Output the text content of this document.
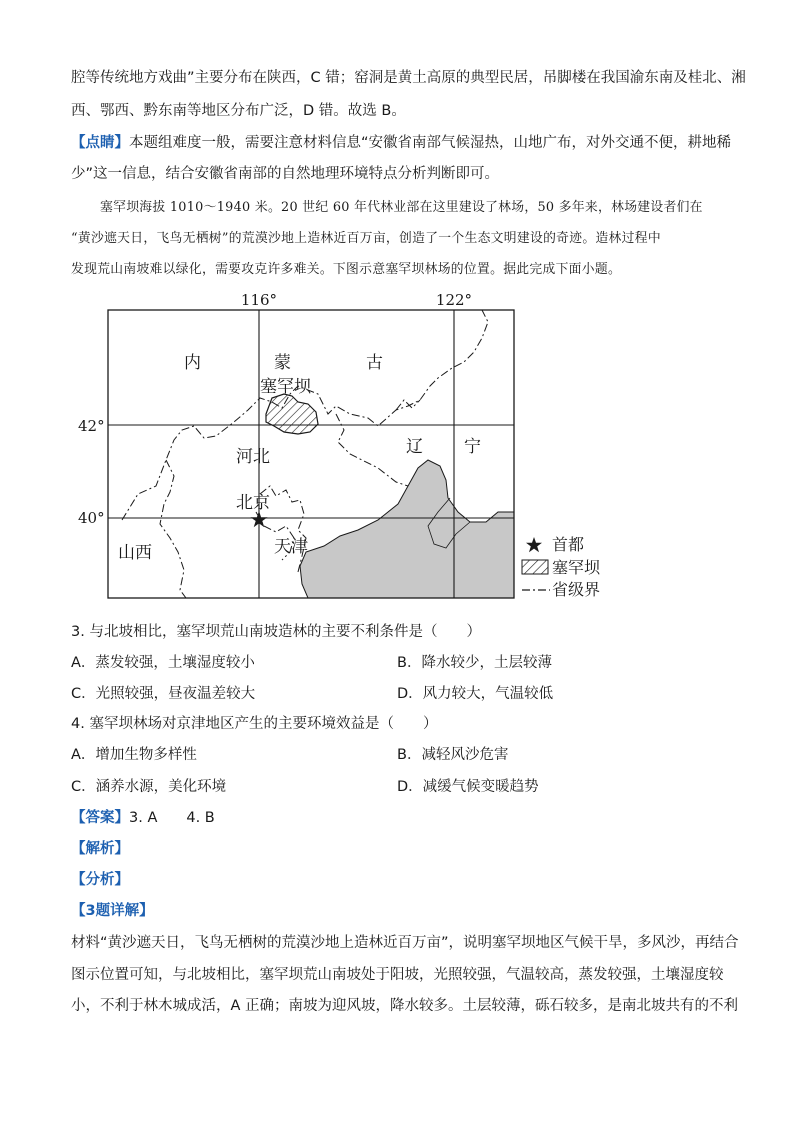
腔等传统地方戏曲”主要分布在陕西，C 错；窑洞是黄土高原的典型民居，吊脚楼在我国渝东南及桂北、湘
西、鄂西、黔东南等地区分布广泛，D 错。故选 B。
【点睛】本题组难度一般，需要注意材料信息“安徽省南部气候湿热，山地广布，对外交通不便，耕地稀
少”这一信息，结合安徽省南部的自然地理环境特点分析判断即可。
塞罕坝海拔 1010～1940 米。20 世纪 60 年代林业部在这里建设了林场，50 多年来，林场建设者们在
“黄沙遮天日，飞鸟无栖树”的荒漠沙地上造林近百万亩，创造了一个生态文明建设的奇迹。造林过程中
发现荒山南坡难以绿化，需要攻克许多难关。下图示意塞罕坝林场的位置。据此完成下面小题。
116°	122°
42°
40°
内	蒙	古
塞罕坝
河北	辽 宁
北京
天津
山西	首都
塞罕坝
省级界
3. 与北坡相比，塞罕坝荒山南坡造林的主要不利条件是（　　）
A．蒸发较强，土壤湿度较小	B．降水较少，土层较薄
C．光照较强，昼夜温差较大	D．风力较大，气温较低
4. 塞罕坝林场对京津地区产生的主要环境效益是（　　）
A．增加生物多样性	B．减轻风沙危害
C．涵养水源，美化环境	D．减缓气候变暖趋势
【答案】3. A　　4. B
【解析】
【分析】
【3题详解】
材料“黄沙遮天日，飞鸟无栖树的荒漠沙地上造林近百万亩”，说明塞罕坝地区气候干旱，多风沙，再结合
图示位置可知，与北坡相比，塞罕坝荒山南坡处于阳坡，光照较强，气温较高，蒸发较强，土壤湿度较
小，不利于林木城成活，A 正确；南坡为迎风坡，降水较多。土层较薄，砾石较多，是南北坡共有的不利
